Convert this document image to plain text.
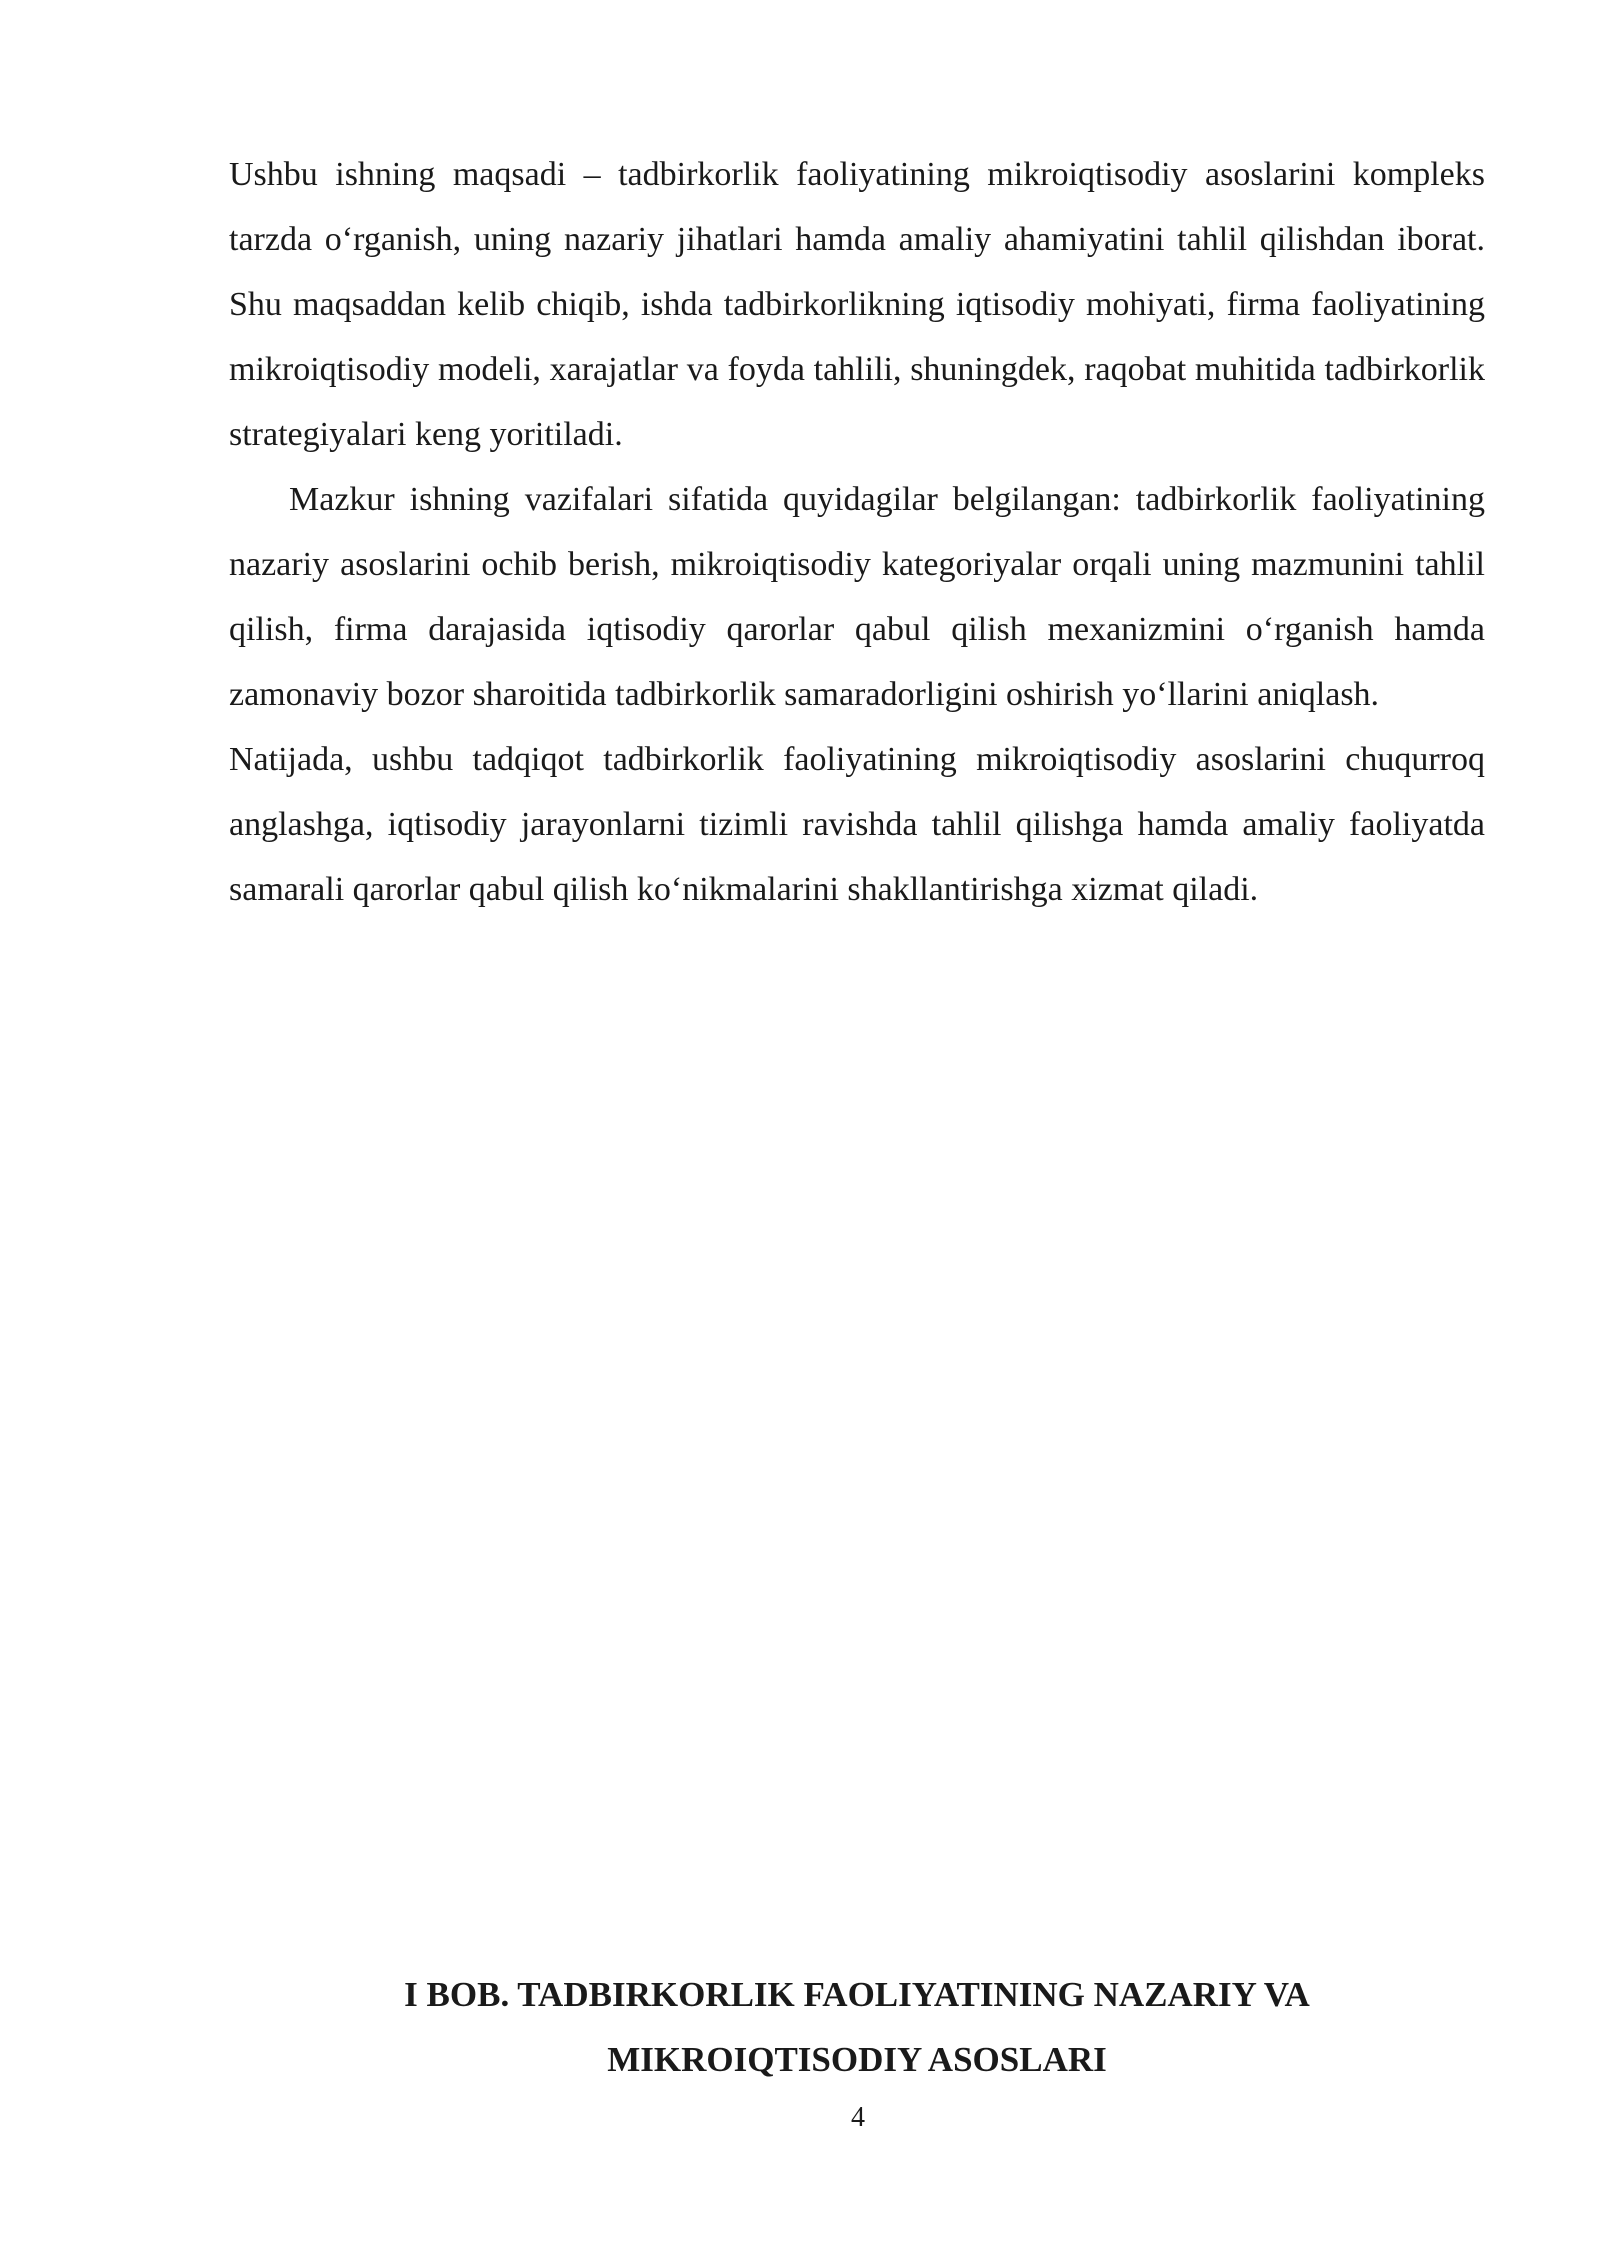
Ushbu ishning maqsadi – tadbirkorlik faoliyatining mikroiqtisodiy asoslarini kompleks tarzda o‘rganish, uning nazariy jihatlari hamda amaliy ahamiyatini tahlil qilishdan iborat. Shu maqsaddan kelib chiqib, ishda tadbirkorlikning iqtisodiy mohiyati, firma faoliyatining mikroiqtisodiy modeli, xarajatlar va foyda tahlili, shuningdek, raqobat muhitida tadbirkorlik strategiyalari keng yoritiladi.

Mazkur ishning vazifalari sifatida quyidagilar belgilangan: tadbirkorlik faoliyatining nazariy asoslarini ochib berish, mikroiqtisodiy kategoriyalar orqali uning mazmunini tahlil qilish, firma darajasida iqtisodiy qarorlar qabul qilish mexanizmini o‘rganish hamda zamonaviy bozor sharoitida tadbirkorlik samaradorligini oshirish yo‘llarini aniqlash.

Natijada, ushbu tadqiqot tadbirkorlik faoliyatining mikroiqtisodiy asoslarini chuqurroq anglashga, iqtisodiy jarayonlarni tizimli ravishda tahlil qilishga hamda amaliy faoliyatda samarali qarorlar qabul qilish ko‘nikmalarini shakllantirishga xizmat qiladi.

I BOB. TADBIRKORLIK FAOLIYATINING NAZARIY VA
MIKROIQTISODIY ASOSLARI
4
